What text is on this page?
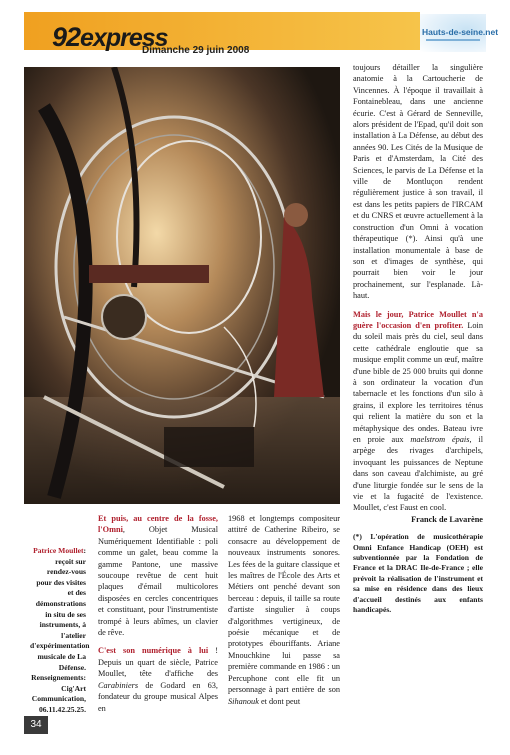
92express
Dimanche 29 juin 2008
Hauts-de-seine.net

toujours détailler la singulière anatomie à la Cartoucherie de Vincennes. À l'époque il travaillait à Fontainebleau, dans une ancienne écurie. C'est à Gérard de Senneville, alors président de l'Epad, qu'il doit son installation à La Défense, au début des années 90. Les Cités de la Musique de Paris et d'Amsterdam, la Cité des Sciences, le parvis de La Défense et la ville de Montluçon rendent régulièrement justice à son travail, il est dans les petits papiers de l'IRCAM et du CNRS et œuvre actuellement à la construction d'un Omni à vocation thérapeutique (*). Ainsi qu'à une installation monumentale à base de son et d'images de synthèse, qui pourrait bien voir le jour prochainement, sur l'esplanade. Là-haut.

Mais le jour, Patrice Moullet n'a guère l'occasion d'en profiter. Loin du soleil mais près du ciel, seul dans cette cathédrale engloutie que sa musique emplit comme un œuf, maître d'une bible de 25 000 bruits qui donne à son ordinateur la vocation d'un tabernacle et les fonctions d'un silo à grains, il explore les territoires ténus qui relient la matière du son et la métaphysique des ondes. Bateau ivre en proie aux maelstrom épais, il arpège des rivages d'archipels, invoquant les puissances de Neptune dans son caveau d'alchimiste, au gré d'une liturgie fondée sur le sens de la vie et la fugacité de l'existence. Moullet, c'est Faust en cool.

Franck de Lavarène

(*) L'opération de musicothérapie Omni Enfance Handicap (OEH) est subventionnée par la Fondation de France et la DRAC Ile-de-France ; elle prévoit la réalisation de l'instrument et sa mise en résidence dans des lieux d'accueil destinés aux enfants handicapés.

Patrice Moullet: reçoit sur rendez-vous pour des visites et des démonstrations in situ de ses instruments, à l'atelier d'expérimentation musicale de La Défense. Renseignements: Cig'Art Communication, 06.11.42.25.25.

Et puis, au centre de la fosse, l'Omni, Objet Musical Numériquement Identifiable : poli comme un galet, beau comme la gamme Pantone, une massive soucoupe revêtue de cent huit plaques d'émail multicolores disposées en cercles concentriques et constituant, pour l'instrumentiste trompé à leurs abîmes, un clavier de rêve.

C'est son numérique à lui ! Depuis un quart de siècle, Patrice Moullet, tête d'affiche des Carabiniers de Godard en 63, fondateur du groupe musical Alpes en

1968 et longtemps compositeur attitré de Catherine Ribeiro, se consacre au développement de nouveaux instruments sonores. Les fées de la guitare classique et les maîtres de l'École des Arts et Métiers ont penché devant son berceau : depuis, il taille sa route d'artiste singulier à coups d'algorithmes vertigineux, de poésie mécanique et de prototypes ébouriffants. Ariane Mnouchkine lui passe sa première commande en 1986 : un Percuphone cont elle fit un personnage à part entière de son Sihanouk et dont peut

34
